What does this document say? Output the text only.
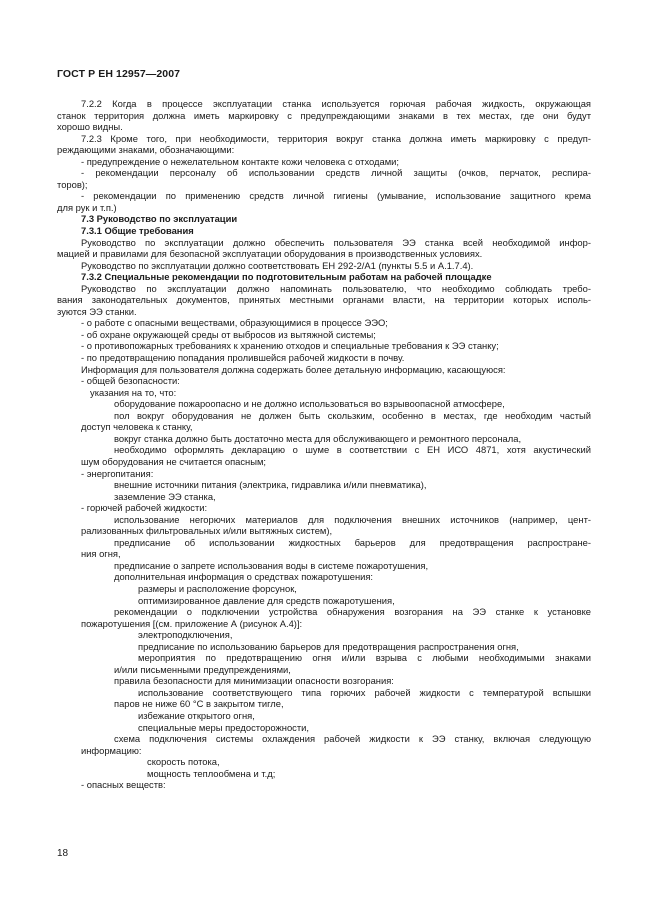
ГОСТ Р ЕН 12957—2007
7.2.2 Когда в процессе эксплуатации станка используется горючая рабочая жидкость, окружающая
станок территория должна иметь маркировку с предупреждающими знаками в тех местах, где они будут
хорошо видны.
7.2.3 Кроме того, при необходимости, территория вокруг станка должна иметь маркировку с предуп-
реждающими знаками, обозначающими:
- предупреждение о нежелательном контакте кожи человека с отходами;
- рекомендации персоналу об использовании средств личной защиты (очков, перчаток, респира-
торов);
- рекомендации по применению средств личной гигиены (умывание, использование защитного крема
для рук и т.п.)
7.3 Руководство по эксплуатации
7.3.1 Общие требования
Руководство по эксплуатации должно обеспечить пользователя ЭЭ станка всей необходимой инфор-
мацией и правилами для безопасной эксплуатации оборудования в производственных условиях.
Руководство по эксплуатации должно соответствовать ЕН 292-2/А1 (пункты 5.5 и А.1.7.4).
7.3.2 Специальные рекомендации по подготовительным работам на рабочей площадке
Руководство по эксплуатации должно напоминать пользователю, что необходимо соблюдать требо-
вания законодательных документов, принятых местными органами власти, на территории которых исполь-
зуются ЭЭ станки.
- о работе с опасными веществами, образующимися в процессе ЭЭО;
- об охране окружающей среды от выбросов из вытяжной системы;
- о противопожарных требованиях к хранению отходов и специальные требования к ЭЭ станку;
- по предотвращению попадания пролившейся рабочей жидкости в почву.
Информация для пользователя должна содержать более детальную информацию, касающуюся:
- общей безопасности:
указания на то, что:
оборудование пожароопасно и не должно использоваться во взрывоопасной атмосфере,
пол вокруг оборудования не должен быть скользким, особенно в местах, где необходим частый
доступ человека к станку,
вокруг станка должно быть достаточно места для обслуживающего и ремонтного персонала,
необходимо оформлять декларацию о шуме в соответствии с ЕН ИСО 4871, хотя акустический
шум оборудования не считается опасным;
- энергопитания:
внешние источники питания (электрика, гидравлика и/или пневматика),
заземление ЭЭ станка,
- горючей рабочей жидкости:
использование негорючих материалов для подключения внешних источников (например, цент-
рализованных фильтровальных и/или вытяжных систем),
предписание об использовании жидкостных барьеров для предотвращения распростране-
ния огня,
предписание о запрете использования воды в системе пожаротушения,
дополнительная информация о средствах пожаротушения:
размеры и расположение форсунок,
оптимизированное давление для средств пожаротушения,
рекомендации о подключении устройства обнаружения возгорания на ЭЭ станке к установке
пожаротушения [(см. приложение А (рисунок А.4)]:
электроподключения,
предписание по использованию барьеров для предотвращения распространения огня,
мероприятия по предотвращению огня и/или взрыва с любыми необходимыми знаками
и/или письменными предупреждениями,
правила безопасности для минимизации опасности возгорания:
использование соответствующего типа горючих рабочей жидкости с температурой вспышки
паров не ниже 60 °С в закрытом тигле,
избежание открытого огня,
специальные меры предосторожности,
схема подключения системы охлаждения рабочей жидкости к ЭЭ станку, включая следующую
информацию:
скорость потока,
мощность теплообмена и т.д;
- опасных веществ:
18
